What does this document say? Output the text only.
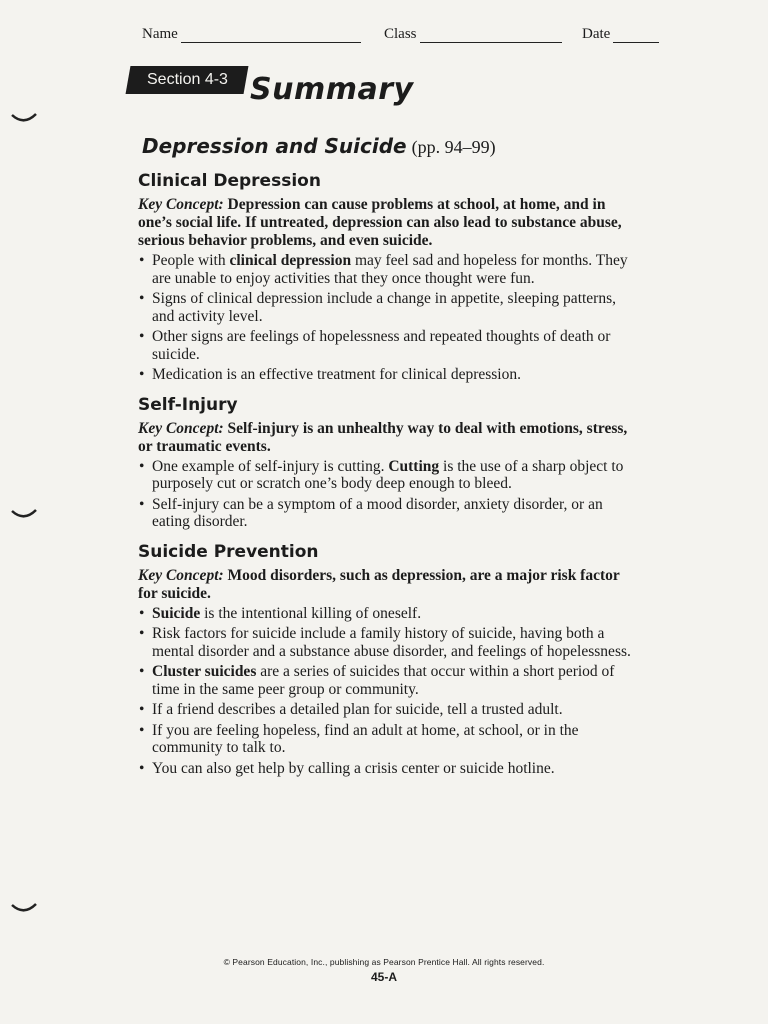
Name	Class	Date
Section 4-3 Summary
Depression and Suicide (pp. 94–99)
Clinical Depression
Key Concept: Depression can cause problems at school, at home, and in one’s social life. If untreated, depression can also lead to substance abuse, serious behavior problems, and even suicide.
• People with clinical depression may feel sad and hopeless for months. They are unable to enjoy activities that they once thought were fun.
• Signs of clinical depression include a change in appetite, sleeping patterns, and activity level.
• Other signs are feelings of hopelessness and repeated thoughts of death or suicide.
• Medication is an effective treatment for clinical depression.
Self-Injury
Key Concept: Self-injury is an unhealthy way to deal with emotions, stress, or traumatic events.
• One example of self-injury is cutting. Cutting is the use of a sharp object to purposely cut or scratch one’s body deep enough to bleed.
• Self-injury can be a symptom of a mood disorder, anxiety disorder, or an eating disorder.
Suicide Prevention
Key Concept: Mood disorders, such as depression, are a major risk factor for suicide.
• Suicide is the intentional killing of oneself.
• Risk factors for suicide include a family history of suicide, having both a mental disorder and a substance abuse disorder, and feelings of hopelessness.
• Cluster suicides are a series of suicides that occur within a short period of time in the same peer group or community.
• If a friend describes a detailed plan for suicide, tell a trusted adult.
• If you are feeling hopeless, find an adult at home, at school, or in the community to talk to.
• You can also get help by calling a crisis center or suicide hotline.
© Pearson Education, Inc., publishing as Pearson Prentice Hall. All rights reserved.
45-A
